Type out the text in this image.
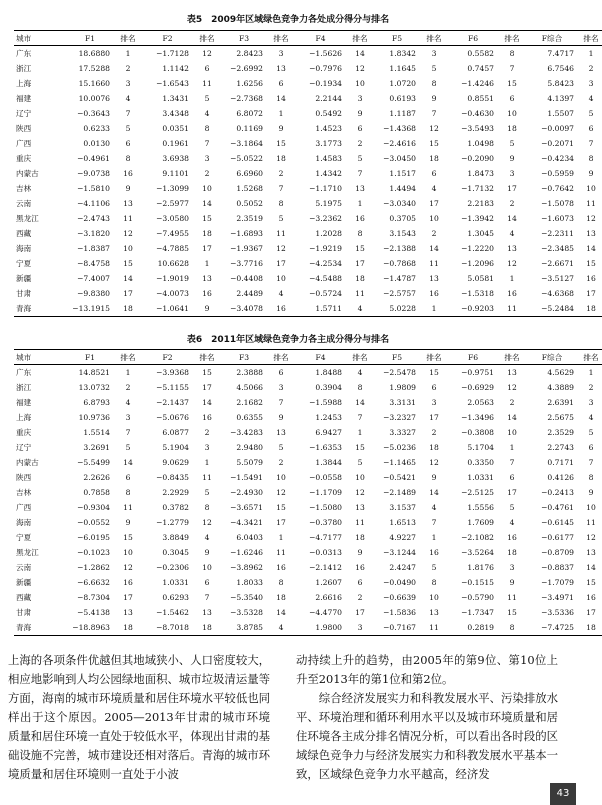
表5　2009年区域绿色竞争力各处成分得分与排名
城市	F1	排名	F2	排名	F3	排名	F4	排名	F5	排名	F6	排名	F综合	排名
广东	18.6880	1	−1.7128	12	2.8423	3	−1.5626	14	1.8342	3	0.5582	8	7.4717	1
浙江	17.5288	2	1.1142	6	−2.6992	13	−0.7976	12	1.1645	5	0.7457	7	6.7546	2
上海	15.1660	3	−1.6543	11	1.6256	6	−0.1934	10	1.0720	8	−1.4246	15	5.8423	3
福建	10.0076	4	1.3431	5	−2.7368	14	2.2144	3	0.6193	9	0.8551	6	4.1397	4
辽宁	−0.3643	7	3.4348	4	6.8072	1	0.5492	9	1.1187	7	−0.4630	10	1.5507	5
陕西	0.6233	5	0.0351	8	0.1169	9	1.4523	6	−1.4368	12	−3.5493	18	−0.0097	6
广西	0.0130	6	0.1961	7	−3.1864	15	3.1773	2	−2.4616	15	1.0498	5	−0.2071	7
重庆	−0.4961	8	3.6938	3	−5.0522	18	1.4583	5	−3.0450	18	−0.2090	9	−0.4234	8
内蒙古	−9.0738	16	9.1101	2	6.6960	2	1.4342	7	1.1517	6	1.8473	3	−0.5959	9
吉林	−1.5810	9	−1.3099	10	1.5268	7	−1.1710	13	1.4494	4	−1.7132	17	−0.7642	10
云南	−4.1106	13	−2.5977	14	0.5052	8	5.1975	1	−3.0340	17	2.2183	2	−1.5078	11
黑龙江	−2.4743	11	−3.0580	15	2.3519	5	−3.2362	16	0.3705	10	−1.3942	14	−1.6073	12
西藏	−3.1820	12	−7.4955	18	−1.6893	11	1.2028	8	3.1543	2	1.3045	4	−2.2311	13
海南	−1.8387	10	−4.7885	17	−1.9367	12	−1.9219	15	−2.1388	14	−1.2220	13	−2.3485	14
宁夏	−8.4758	15	10.6628	1	−3.7716	17	−4.2534	17	−0.7868	11	−1.2096	12	−2.6671	15
新疆	−7.4007	14	−1.9019	13	−0.4408	10	−4.5488	18	−1.4787	13	5.0581	1	−3.5127	16
甘肃	−9.8380	17	−4.0073	16	2.4489	4	−0.5724	11	−2.5757	16	−1.5318	16	−4.6368	17
青海	−13.1915	18	−1.0641	9	−3.4078	16	1.5711	4	5.0228	1	−0.9203	11	−5.2484	18
表6　2011年区域绿色竞争力各主成分得分与排名
城市	F1	排名	F2	排名	F3	排名	F4	排名	F5	排名	F6	排名	F综合	排名
广东	14.8521	1	−3.9368	15	2.3888	6	1.8488	4	−2.5478	15	−0.9751	13	4.5629	1
浙江	13.0732	2	−5.1155	17	4.5066	3	0.3904	8	1.9809	6	−0.6929	12	4.3889	2
福建	6.8793	4	−2.1437	14	2.1682	7	−1.5988	14	3.3131	3	2.0563	2	2.6391	3
上海	10.9736	3	−5.0676	16	0.6355	9	1.2453	7	−3.2327	17	−1.3496	14	2.5675	4
重庆	1.5514	7	6.0877	2	−3.4283	13	6.9427	1	3.3327	2	−0.3808	10	2.3529	5
辽宁	3.2691	5	5.1904	3	2.9480	5	−1.6353	15	−5.0236	18	5.1704	1	2.2743	6
内蒙古	−5.5499	14	9.0629	1	5.5079	2	1.3844	5	−1.1465	12	0.3350	7	0.7171	7
陕西	2.2626	6	−0.8435	11	−1.5491	10	−0.0558	10	−0.5421	9	1.0331	6	0.4126	8
吉林	0.7858	8	2.2929	5	−2.4930	12	−1.1709	12	−2.1489	14	−2.5125	17	−0.2413	9
广西	−0.9304	11	0.3782	8	−3.6571	15	−1.5080	13	3.1537	4	1.5556	5	−0.4761	10
海南	−0.0552	9	−1.2779	12	−4.3421	17	−0.3780	11	1.6513	7	1.7609	4	−0.6145	11
宁夏	−6.0195	15	3.8849	4	6.0403	1	−4.7177	18	4.9227	1	−2.1082	16	−0.6177	12
黑龙江	−0.1023	10	0.3045	9	−1.6246	11	−0.0313	9	−3.1244	16	−3.5264	18	−0.8709	13
云南	−1.2862	12	−0.2306	10	−3.8962	16	−2.1412	16	2.4247	5	1.8176	3	−0.8837	14
新疆	−6.6632	16	1.0331	6	1.8033	8	1.2607	6	−0.0490	8	−0.1515	9	−1.7079	15
西藏	−8.7304	17	0.6293	7	−5.3540	18	2.6616	2	−0.6639	10	−0.5790	11	−3.4971	16
甘肃	−5.4138	13	−1.5462	13	−3.5328	14	−4.4770	17	−1.5836	13	−1.7347	15	−3.5336	17
青海	−18.8963	18	−8.7018	18	3.8785	4	1.9800	3	−0.7167	11	0.2819	8	−7.4725	18

上海的各项条件优越但其地域狭小、人口密度较大，相应地影响到人均公园绿地面积、城市垃圾清运量等方面，海南的城市环境质量和居住环境水平较低也同样出于这个原因。2005—2013年甘肃的城市环境质量和居住环境一直处于较低水平，体现出甘肃的基础设施不完善，城市建设还相对落后。青海的城市环境质量和居住环境则一直处于小波

动持续上升的趋势，由2005年的第9位、第10位上升至2013年的第1位和第2位。

综合经济发展实力和科教发展水平、污染排放水平、环境治理和循环利用水平以及城市环境质量和居住环境各主成分排名情况分析，可以看出各时段的区域绿色竞争力与经济发展实力和科教发展水平基本一致，区域绿色竞争力水平越高，经济发

43
